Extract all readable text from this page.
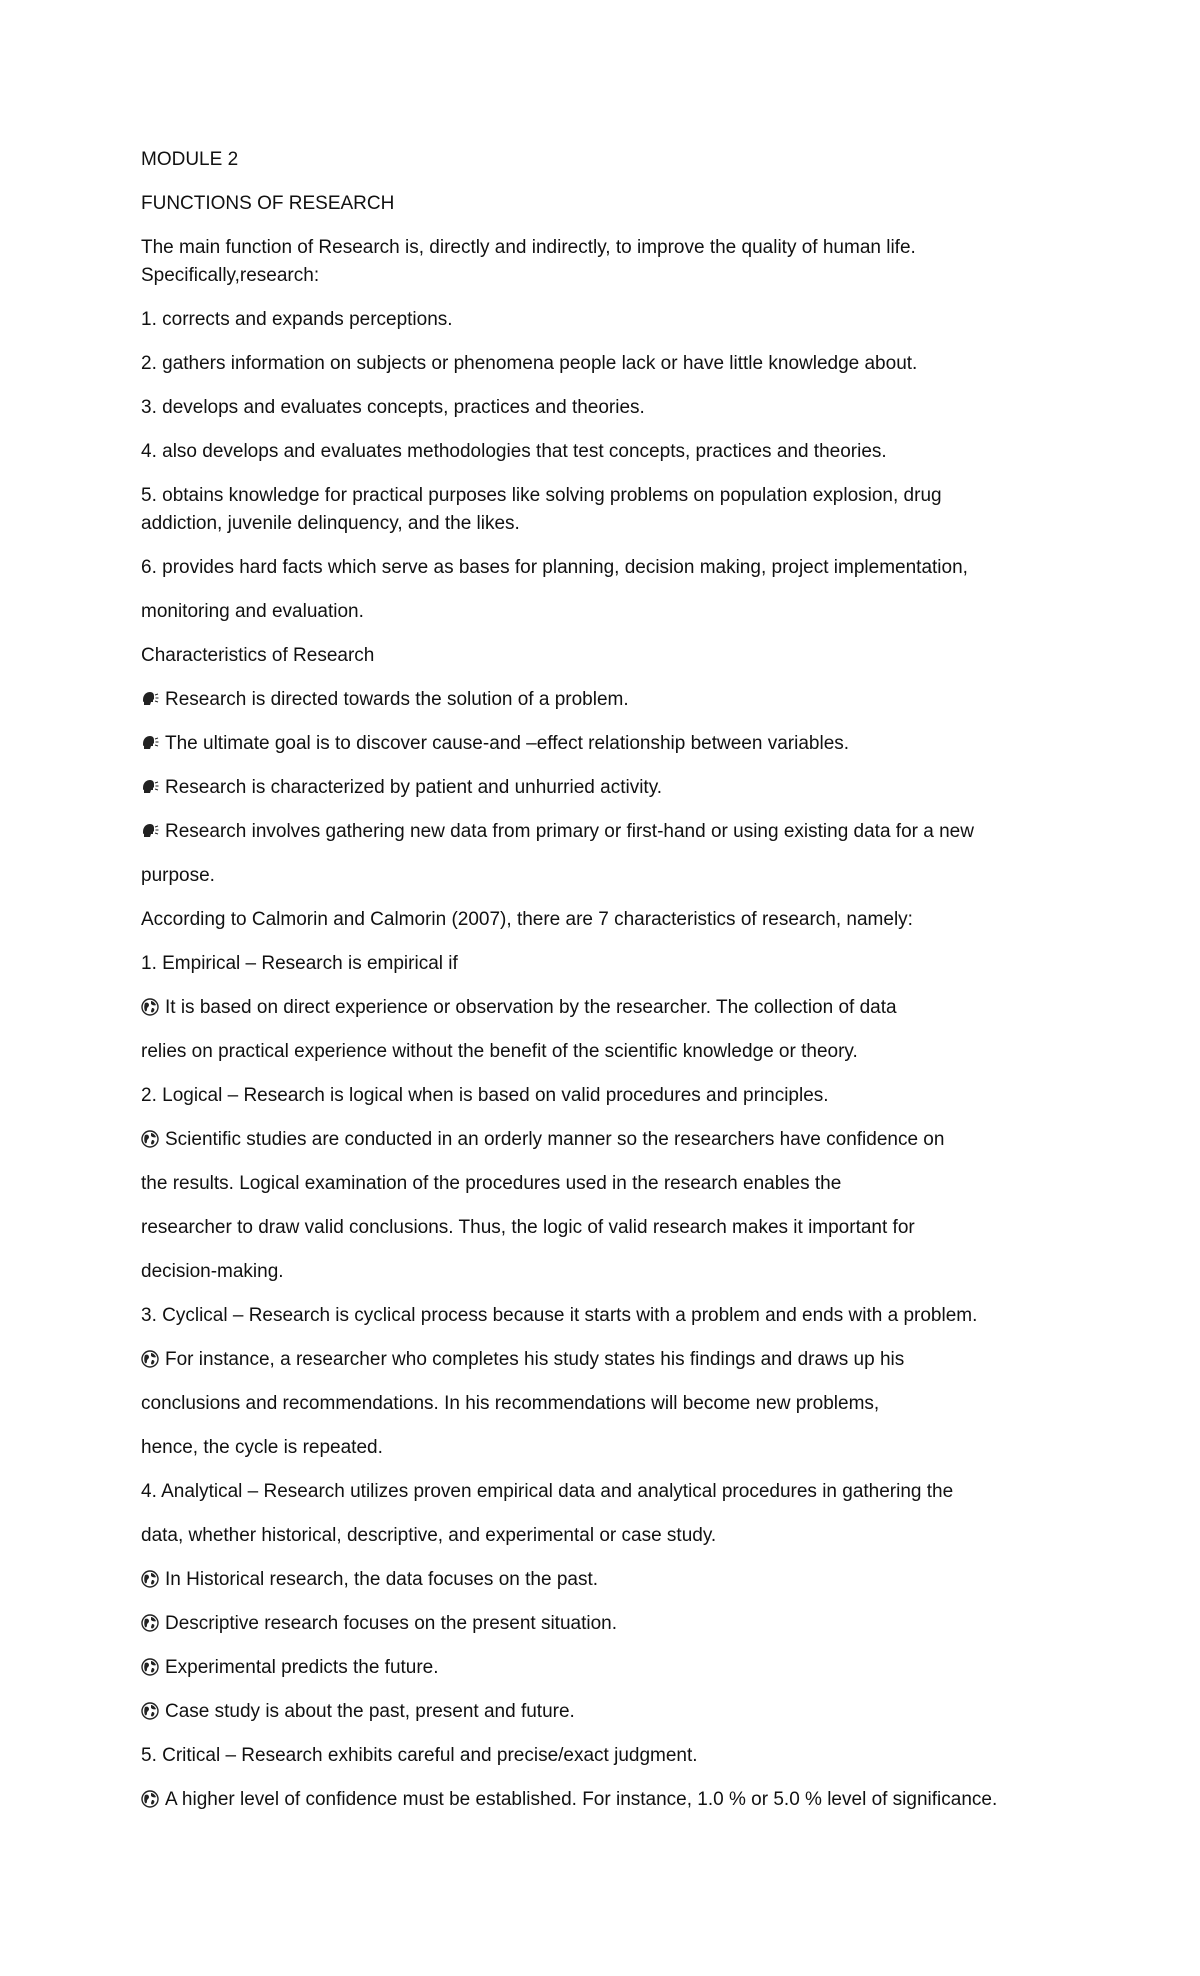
MODULE 2

FUNCTIONS OF RESEARCH

The main function of Research is, directly and indirectly, to improve the quality of human life.

Specifically,research:

1. corrects and expands perceptions.

2. gathers information on subjects or phenomena people lack or have little knowledge about.

3. develops and evaluates concepts, practices and theories.

4. also develops and evaluates methodologies that test concepts, practices and theories.

5. obtains knowledge for practical purposes like solving problems on population explosion, drug

addiction, juvenile delinquency, and the likes.

6. provides hard facts which serve as bases for planning, decision making, project implementation,

monitoring and evaluation.

Characteristics of Research

Research is directed towards the solution of a problem.

The ultimate goal is to discover cause-and –effect relationship between variables.

Research is characterized by patient and unhurried activity.

Research involves gathering new data from primary or first-hand or using existing data for a new

purpose.

According to Calmorin and Calmorin (2007), there are 7 characteristics of research, namely:

1. Empirical – Research is empirical if

It is based on direct experience or observation by the researcher. The collection of data

relies on practical experience without the benefit of the scientific knowledge or theory.

2. Logical – Research is logical when is based on valid procedures and principles.

Scientific studies are conducted in an orderly manner so the researchers have confidence on

the results. Logical examination of the procedures used in the research enables the

researcher to draw valid conclusions. Thus, the logic of valid research makes it important for

decision-making.

3. Cyclical – Research is cyclical process because it starts with a problem and ends with a problem.

For instance, a researcher who completes his study states his findings and draws up his

conclusions and recommendations. In his recommendations will become new problems,

hence, the cycle is repeated.

4. Analytical – Research utilizes proven empirical data and analytical procedures in gathering the

data, whether historical, descriptive, and experimental or case study.

In Historical research, the data focuses on the past.

Descriptive research focuses on the present situation.

Experimental predicts the future.

Case study is about the past, present and future.

5. Critical – Research exhibits careful and precise/exact judgment.

A higher level of confidence must be established. For instance, 1.0 % or 5.0 % level of significance.
